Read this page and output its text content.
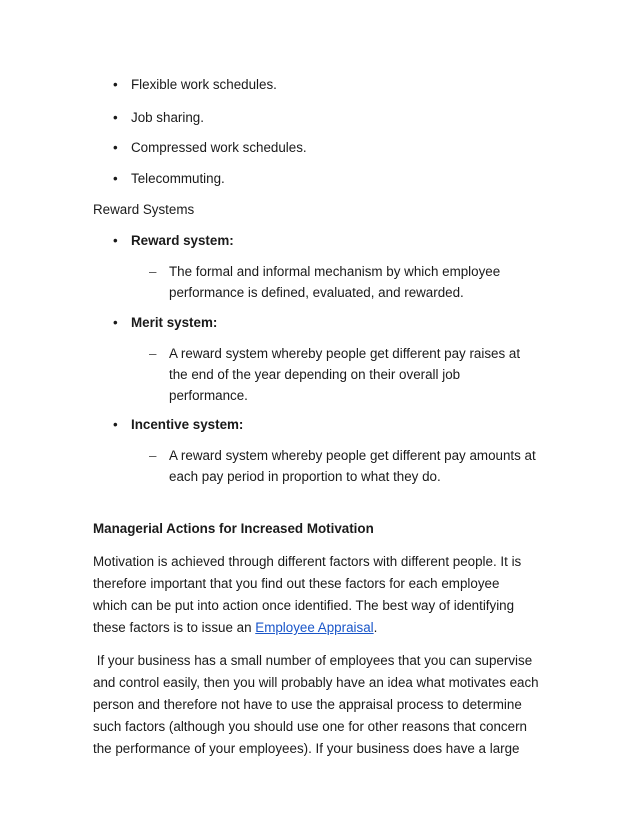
• Flexible work schedules.
• Job sharing.
• Compressed work schedules.
• Telecommuting.
Reward Systems
• Reward system:
– The formal and informal mechanism by which employee
performance is defined, evaluated, and rewarded.
• Merit system:
– A reward system whereby people get different pay raises at
the end of the year depending on their overall job
performance.
• Incentive system:
– A reward system whereby people get different pay amounts at
each pay period in proportion to what they do.
Managerial Actions for Increased Motivation
Motivation is achieved through different factors with different people. It is
therefore important that you find out these factors for each employee
which can be put into action once identified. The best way of identifying
these factors is to issue an Employee Appraisal.
If your business has a small number of employees that you can supervise
and control easily, then you will probably have an idea what motivates each
person and therefore not have to use the appraisal process to determine
such factors (although you should use one for other reasons that concern
the performance of your employees). If your business does have a large
